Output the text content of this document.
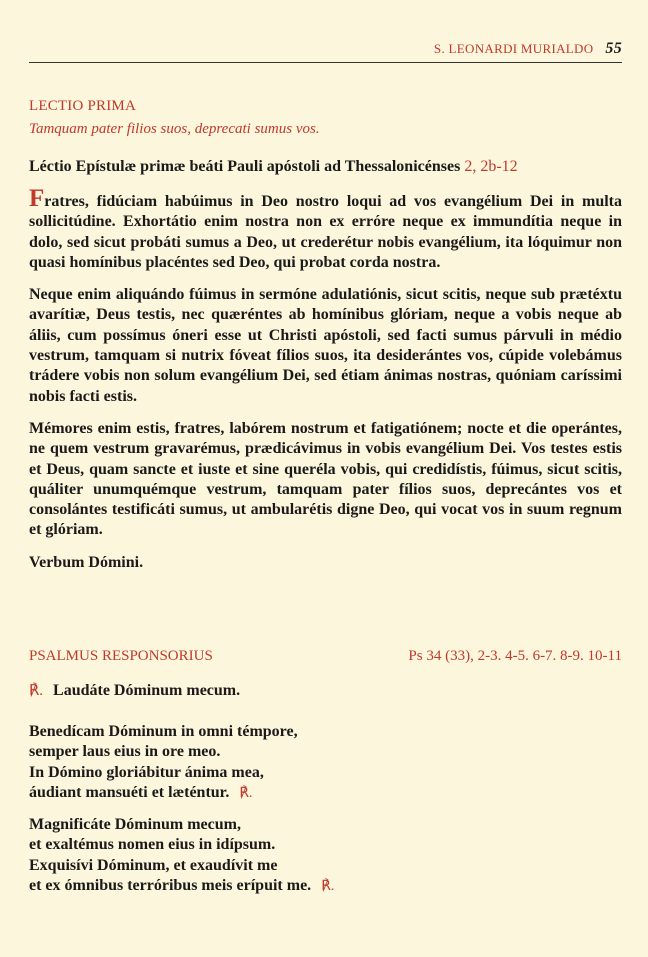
S. LEONARDI MURIALDO 55
LECTIO PRIMA
Tamquam pater filios suos, deprecati sumus vos.
Léctio Epístulæ primæ beáti Pauli apóstoli ad Thessalonicénses 2, 2b-12

Fratres, fidúciam habúimus in Deo nostro loqui ad vos evangélium Dei in multa sollicitúdine. Exhortátio enim nostra non ex erróre neque ex immundítia neque in dolo, sed sicut probáti sumus a Deo, ut crederétur nobis evangélium, ita lóquimur non quasi homínibus placéntes sed Deo, qui probat corda nostra.

Neque enim aliquándo fúimus in sermóne adulatiónis, sicut scitis, neque sub prætéxtu avarítiæ, Deus testis, nec quæréntes ab homínibus glóriam, neque a vobis neque ab áliis, cum possímus óneri esse ut Christi apóstoli, sed facti sumus párvuli in médio vestrum, tamquam si nutrix fóveat fílios suos, ita desiderántes vos, cúpide volebámus trádere vobis non solum evangélium Dei, sed étiam ánimas nostras, quóniam caríssimi nobis facti estis.

Mémores enim estis, fratres, labórem nostrum et fatigatiónem; nocte et die operántes, ne quem vestrum gravarémus, prædicávimus in vobis evangélium Dei. Vos testes estis et Deus, quam sancte et iuste et sine queréla vobis, qui credidístis, fúimus, sicut scitis, quáliter unumquémque vestrum, tamquam pater fílios suos, deprecántes vos et consolántes testificáti sumus, ut ambularétis digne Deo, qui vocat vos in suum regnum et glóriam.

Verbum Dómini.

PSALMUS RESPONSORIUS	Ps 34 (33), 2-3. 4-5. 6-7. 8-9. 10-11
℟. Laudáte Dóminum mecum.
Benedícam Dóminum in omni témpore,
semper laus eius in ore meo.
In Dómino gloriábitur ánima mea,
áudiant mansuéti et læténtur. ℟.
Magnificáte Dóminum mecum,
et exaltémus nomen eius in idípsum.
Exquisívi Dóminum, et exaudívit me
et ex ómnibus terróribus meis erípuit me. ℟.
